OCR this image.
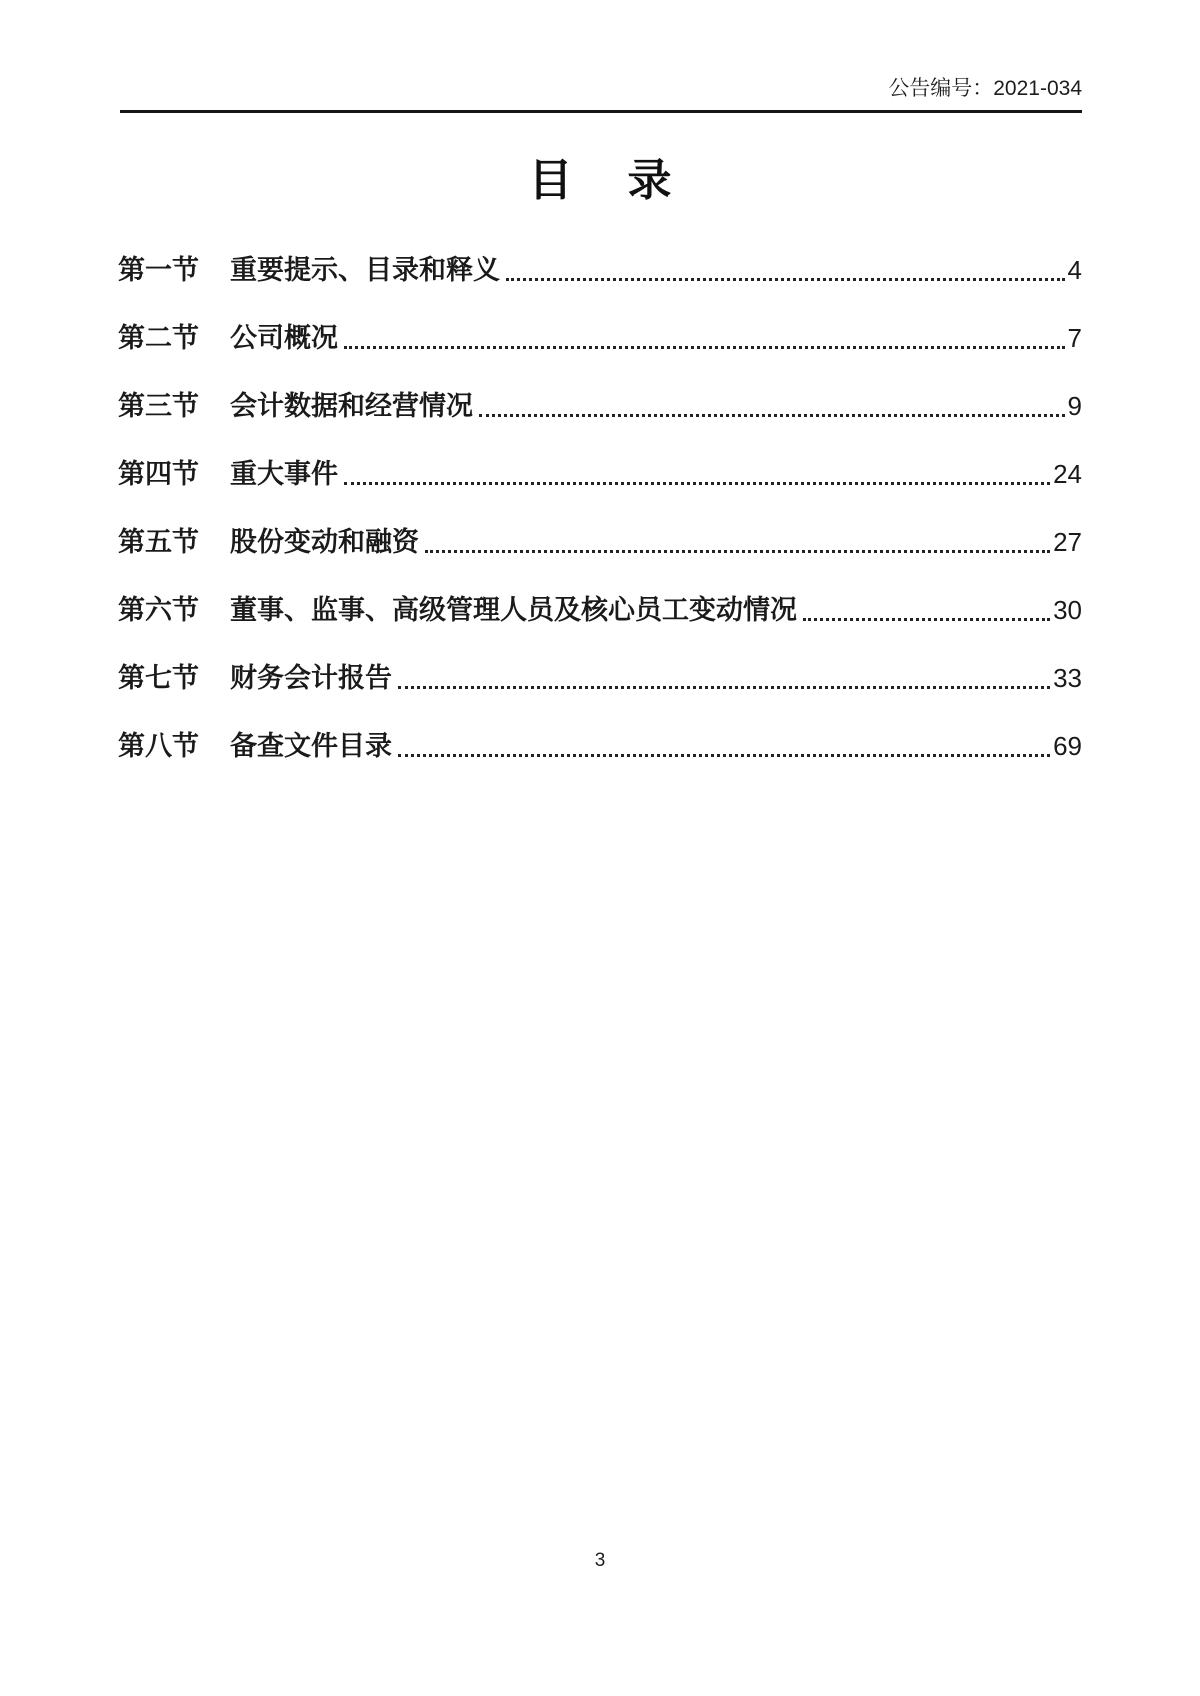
公告编号：2021-034
目 录
第一节	重要提示、目录和释义	4
第二节	公司概况	7
第三节	会计数据和经营情况	9
第四节	重大事件	24
第五节	股份变动和融资	27
第六节	董事、监事、高级管理人员及核心员工变动情况	30
第七节	财务会计报告	33
第八节	备查文件目录	69
3
